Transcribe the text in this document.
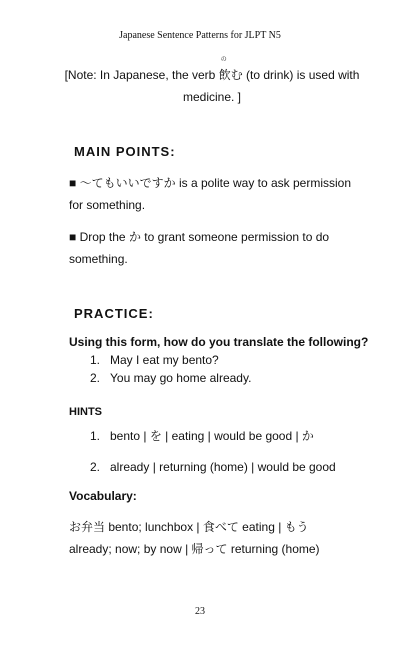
Japanese Sentence Patterns for JLPT N5
[Note: In Japanese, the verb
の
飲む (to drink) is used with
medicine. ]
MAIN POINTS:
■ 〜てもいいですか is a polite way to ask permission
for something.
■ Drop the か to grant someone permission to do
something.
PRACTICE:
Using this form, how do you translate the following?
1. May I eat my bento?
2. You may go home already.
HINTS
1. bento | を | eating | would be good | か
2. already | returning (home) | would be good
Vocabulary:
お弁当 bento; lunchbox | 食べて eating | もう
already; now; by now | 帰って returning (home)
23
